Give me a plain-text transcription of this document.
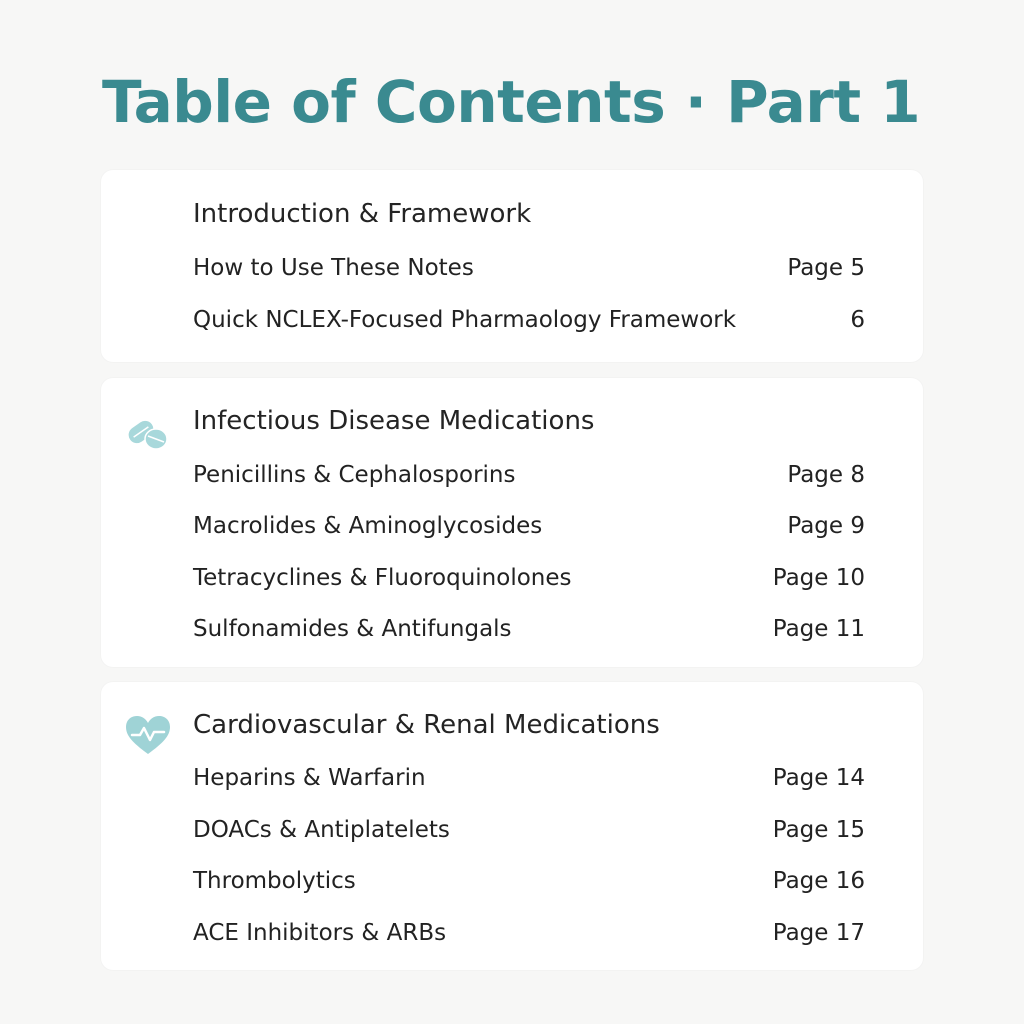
Table of Contents · Part 1
Introduction & Framework
How to Use These Notes	Page 5
Quick NCLEX-Focused Pharmaology Framework	6
Infectious Disease Medications
Penicillins & Cephalosporins	Page 8
Macrolides & Aminoglycosides	Page 9
Tetracyclines & Fluoroquinolones	Page 10
Sulfonamides & Antifungals	Page 11
Cardiovascular & Renal Medications
Heparins & Warfarin	Page 14
DOACs & Antiplatelets	Page 15
Thrombolytics	Page 16
ACE Inhibitors & ARBs	Page 17
